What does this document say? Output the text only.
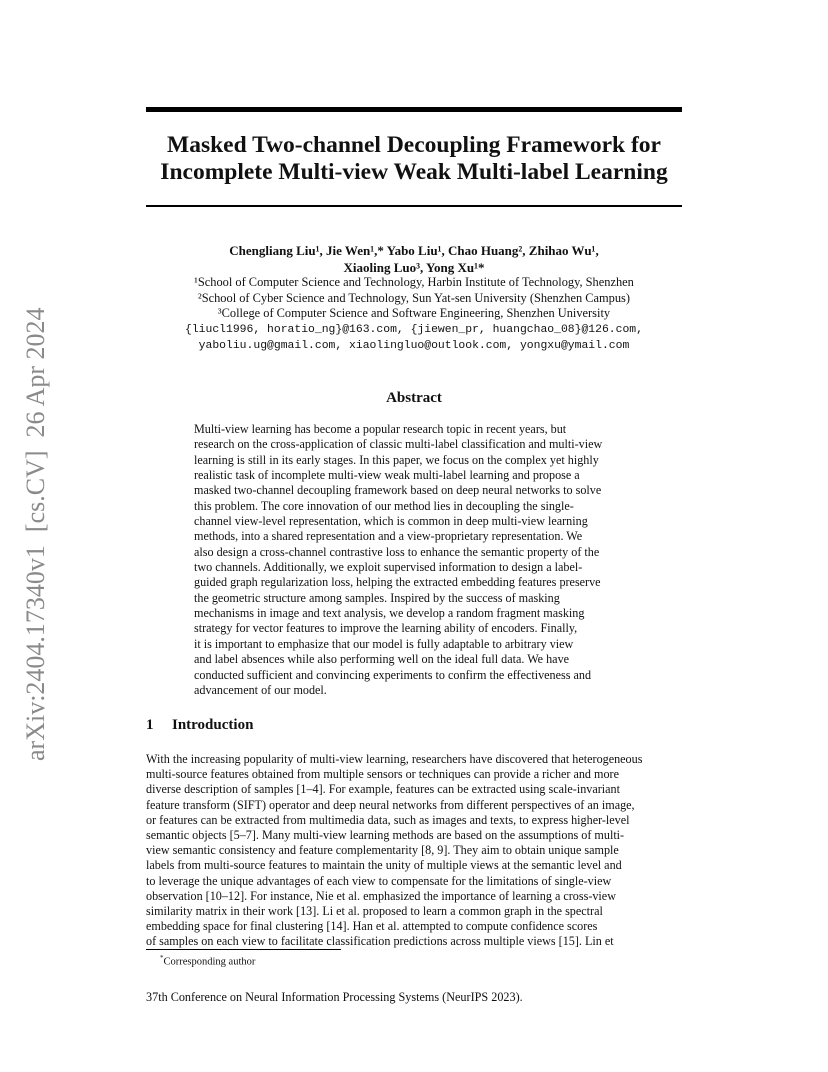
arXiv:2404.17340v1  [cs.CV]  26 Apr 2024
Masked Two-channel Decoupling Framework for
Incomplete Multi-view Weak Multi-label Learning
Chengliang Liu¹, Jie Wen¹,* Yabo Liu¹, Chao Huang², Zhihao Wu¹,
Xiaoling Luo³, Yong Xu¹*
¹School of Computer Science and Technology, Harbin Institute of Technology, Shenzhen
²School of Cyber Science and Technology, Sun Yat-sen University (Shenzhen Campus)
³College of Computer Science and Software Engineering, Shenzhen University
{liucl1996, horatio_ng}@163.com, {jiewen_pr, huangchao_08}@126.com,
yaboliu.ug@gmail.com, xiaolingluo@outlook.com, yongxu@ymail.com
Abstract
Multi-view learning has become a popular research topic in recent years, but
research on the cross-application of classic multi-label classification and multi-view
learning is still in its early stages. In this paper, we focus on the complex yet highly
realistic task of incomplete multi-view weak multi-label learning and propose a
masked two-channel decoupling framework based on deep neural networks to solve
this problem. The core innovation of our method lies in decoupling the single-
channel view-level representation, which is common in deep multi-view learning
methods, into a shared representation and a view-proprietary representation. We
also design a cross-channel contrastive loss to enhance the semantic property of the
two channels. Additionally, we exploit supervised information to design a label-
guided graph regularization loss, helping the extracted embedding features preserve
the geometric structure among samples. Inspired by the success of masking
mechanisms in image and text analysis, we develop a random fragment masking
strategy for vector features to improve the learning ability of encoders. Finally,
it is important to emphasize that our model is fully adaptable to arbitrary view
and label absences while also performing well on the ideal full data. We have
conducted sufficient and convincing experiments to confirm the effectiveness and
advancement of our model.
1 Introduction
With the increasing popularity of multi-view learning, researchers have discovered that heterogeneous
multi-source features obtained from multiple sensors or techniques can provide a richer and more
diverse description of samples [1–4]. For example, features can be extracted using scale-invariant
feature transform (SIFT) operator and deep neural networks from different perspectives of an image,
or features can be extracted from multimedia data, such as images and texts, to express higher-level
semantic objects [5–7]. Many multi-view learning methods are based on the assumptions of multi-
view semantic consistency and feature complementarity [8, 9]. They aim to obtain unique sample
labels from multi-source features to maintain the unity of multiple views at the semantic level and
to leverage the unique advantages of each view to compensate for the limitations of single-view
observation [10–12]. For instance, Nie et al. emphasized the importance of learning a cross-view
similarity matrix in their work [13]. Li et al. proposed to learn a common graph in the spectral
embedding space for final clustering [14]. Han et al. attempted to compute confidence scores
of samples on each view to facilitate classification predictions across multiple views [15]. Lin et
*Corresponding author
37th Conference on Neural Information Processing Systems (NeurIPS 2023).
